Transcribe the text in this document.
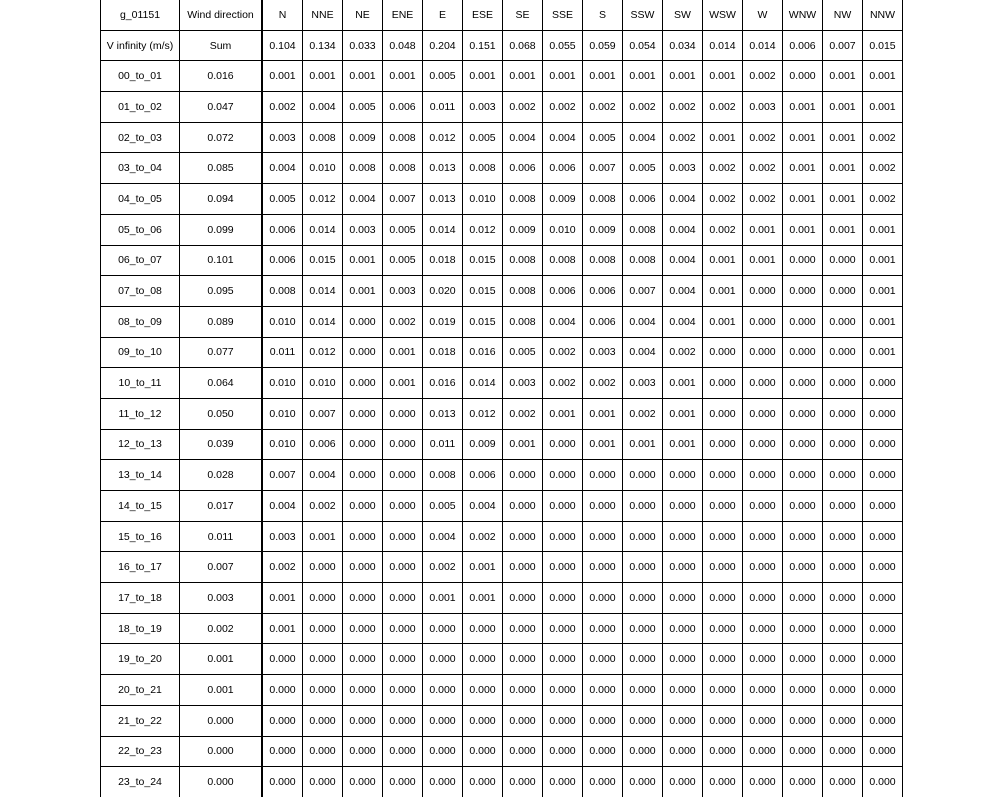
g_01151	Wind direction	N	NNE	NE	ENE	E	ESE	SE	SSE	S	SSW	SW	WSW	W	WNW	NW	NNW
V infinity (m/s)	Sum	0.104	0.134	0.033	0.048	0.204	0.151	0.068	0.055	0.059	0.054	0.034	0.014	0.014	0.006	0.007	0.015
00_to_01	0.016	0.001	0.001	0.001	0.001	0.005	0.001	0.001	0.001	0.001	0.001	0.001	0.001	0.002	0.000	0.001	0.001
01_to_02	0.047	0.002	0.004	0.005	0.006	0.011	0.003	0.002	0.002	0.002	0.002	0.002	0.002	0.003	0.001	0.001	0.001
02_to_03	0.072	0.003	0.008	0.009	0.008	0.012	0.005	0.004	0.004	0.005	0.004	0.002	0.001	0.002	0.001	0.001	0.002
03_to_04	0.085	0.004	0.010	0.008	0.008	0.013	0.008	0.006	0.006	0.007	0.005	0.003	0.002	0.002	0.001	0.001	0.002
04_to_05	0.094	0.005	0.012	0.004	0.007	0.013	0.010	0.008	0.009	0.008	0.006	0.004	0.002	0.002	0.001	0.001	0.002
05_to_06	0.099	0.006	0.014	0.003	0.005	0.014	0.012	0.009	0.010	0.009	0.008	0.004	0.002	0.001	0.001	0.001	0.001
06_to_07	0.101	0.006	0.015	0.001	0.005	0.018	0.015	0.008	0.008	0.008	0.008	0.004	0.001	0.001	0.000	0.000	0.001
07_to_08	0.095	0.008	0.014	0.001	0.003	0.020	0.015	0.008	0.006	0.006	0.007	0.004	0.001	0.000	0.000	0.000	0.001
08_to_09	0.089	0.010	0.014	0.000	0.002	0.019	0.015	0.008	0.004	0.006	0.004	0.004	0.001	0.000	0.000	0.000	0.001
09_to_10	0.077	0.011	0.012	0.000	0.001	0.018	0.016	0.005	0.002	0.003	0.004	0.002	0.000	0.000	0.000	0.000	0.001
10_to_11	0.064	0.010	0.010	0.000	0.001	0.016	0.014	0.003	0.002	0.002	0.003	0.001	0.000	0.000	0.000	0.000	0.000
11_to_12	0.050	0.010	0.007	0.000	0.000	0.013	0.012	0.002	0.001	0.001	0.002	0.001	0.000	0.000	0.000	0.000	0.000
12_to_13	0.039	0.010	0.006	0.000	0.000	0.011	0.009	0.001	0.000	0.001	0.001	0.001	0.000	0.000	0.000	0.000	0.000
13_to_14	0.028	0.007	0.004	0.000	0.000	0.008	0.006	0.000	0.000	0.000	0.000	0.000	0.000	0.000	0.000	0.000	0.000
14_to_15	0.017	0.004	0.002	0.000	0.000	0.005	0.004	0.000	0.000	0.000	0.000	0.000	0.000	0.000	0.000	0.000	0.000
15_to_16	0.011	0.003	0.001	0.000	0.000	0.004	0.002	0.000	0.000	0.000	0.000	0.000	0.000	0.000	0.000	0.000	0.000
16_to_17	0.007	0.002	0.000	0.000	0.000	0.002	0.001	0.000	0.000	0.000	0.000	0.000	0.000	0.000	0.000	0.000	0.000
17_to_18	0.003	0.001	0.000	0.000	0.000	0.001	0.001	0.000	0.000	0.000	0.000	0.000	0.000	0.000	0.000	0.000	0.000
18_to_19	0.002	0.001	0.000	0.000	0.000	0.000	0.000	0.000	0.000	0.000	0.000	0.000	0.000	0.000	0.000	0.000	0.000
19_to_20	0.001	0.000	0.000	0.000	0.000	0.000	0.000	0.000	0.000	0.000	0.000	0.000	0.000	0.000	0.000	0.000	0.000
20_to_21	0.001	0.000	0.000	0.000	0.000	0.000	0.000	0.000	0.000	0.000	0.000	0.000	0.000	0.000	0.000	0.000	0.000
21_to_22	0.000	0.000	0.000	0.000	0.000	0.000	0.000	0.000	0.000	0.000	0.000	0.000	0.000	0.000	0.000	0.000	0.000
22_to_23	0.000	0.000	0.000	0.000	0.000	0.000	0.000	0.000	0.000	0.000	0.000	0.000	0.000	0.000	0.000	0.000	0.000
23_to_24	0.000	0.000	0.000	0.000	0.000	0.000	0.000	0.000	0.000	0.000	0.000	0.000	0.000	0.000	0.000	0.000	0.000
